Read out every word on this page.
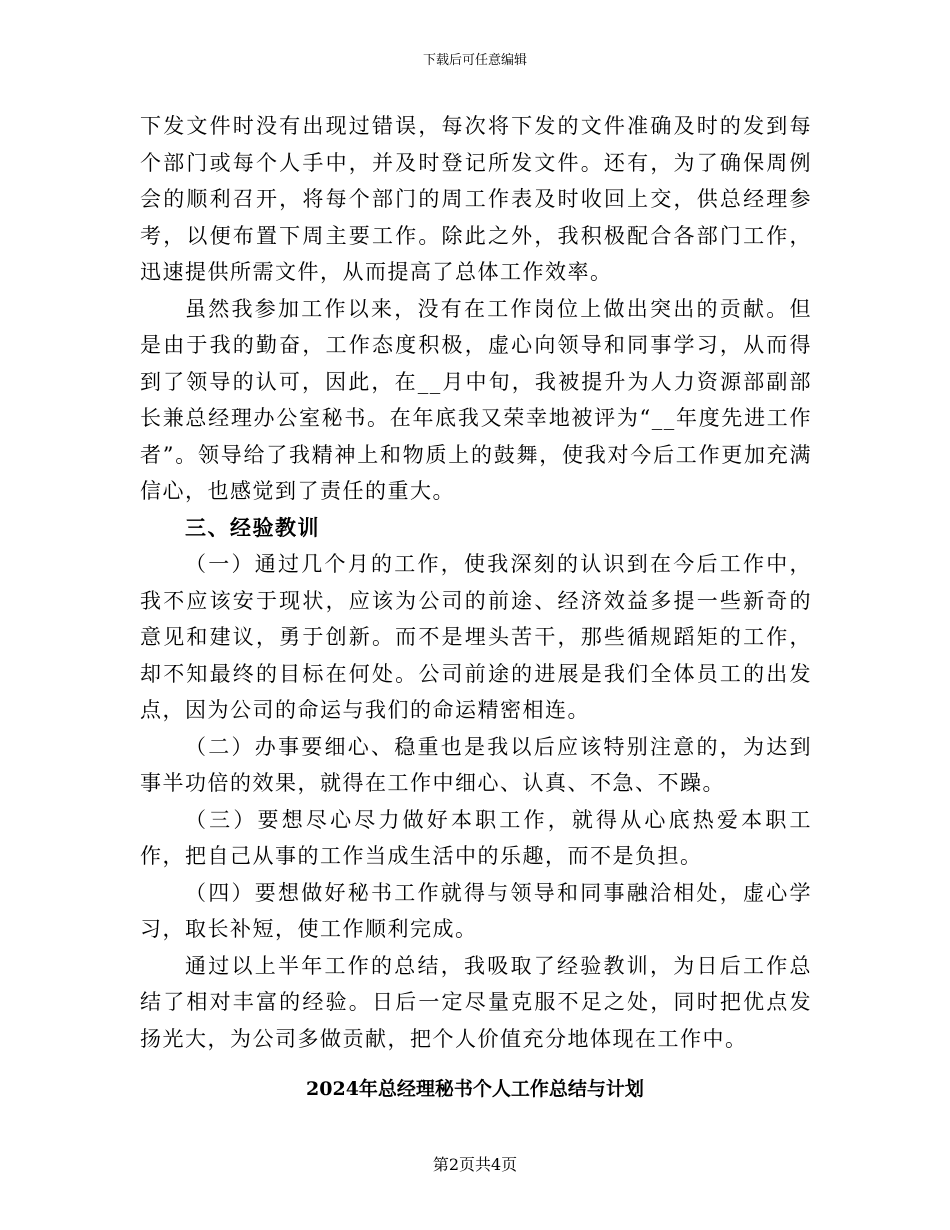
下载后可任意编辑

下发文件时没有出现过错误，每次将下发的文件准确及时的发到每个部门或每个人手中，并及时登记所发文件。还有，为了确保周例会的顺利召开，将每个部门的周工作表及时收回上交，供总经理参考，以便布置下周主要工作。除此之外，我积极配合各部门工作，迅速提供所需文件，从而提高了总体工作效率。

虽然我参加工作以来，没有在工作岗位上做出突出的贡献。但是由于我的勤奋，工作态度积极，虚心向领导和同事学习，从而得到了领导的认可，因此，在__月中旬，我被提升为人力资源部副部长兼总经理办公室秘书。在年底我又荣幸地被评为“__年度先进工作者”。领导给了我精神上和物质上的鼓舞，使我对今后工作更加充满信心，也感觉到了责任的重大。

三、经验教训

（一）通过几个月的工作，使我深刻的认识到在今后工作中，我不应该安于现状，应该为公司的前途、经济效益多提一些新奇的意见和建议，勇于创新。而不是埋头苦干，那些循规蹈矩的工作，却不知最终的目标在何处。公司前途的进展是我们全体员工的出发点，因为公司的命运与我们的命运精密相连。

（二）办事要细心、稳重也是我以后应该特别注意的，为达到事半功倍的效果，就得在工作中细心、认真、不急、不躁。

（三）要想尽心尽力做好本职工作，就得从心底热爱本职工作，把自己从事的工作当成生活中的乐趣，而不是负担。

（四）要想做好秘书工作就得与领导和同事融洽相处，虚心学习，取长补短，使工作顺利完成。

通过以上半年工作的总结，我吸取了经验教训，为日后工作总结了相对丰富的经验。日后一定尽量克服不足之处，同时把优点发扬光大，为公司多做贡献，把个人价值充分地体现在工作中。

2024年总经理秘书个人工作总结与计划
第2页共4页
